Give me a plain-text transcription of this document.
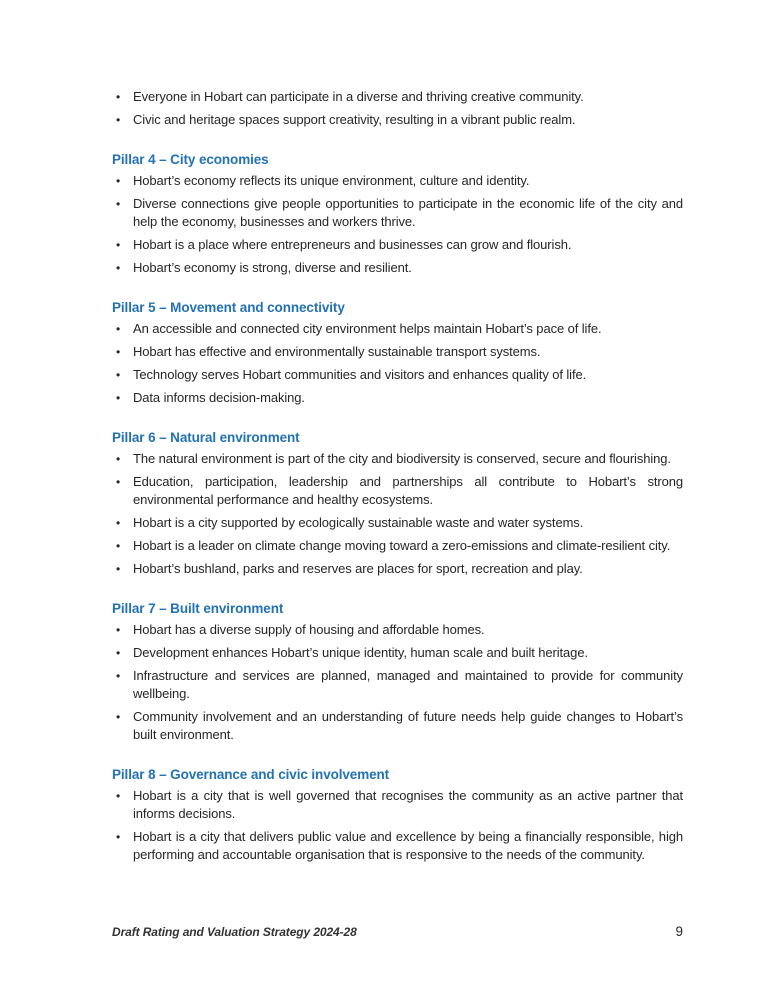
• Everyone in Hobart can participate in a diverse and thriving creative community.
• Civic and heritage spaces support creativity, resulting in a vibrant public realm.
Pillar 4 – City economies
• Hobart’s economy reflects its unique environment, culture and identity.
• Diverse connections give people opportunities to participate in the economic life of the city and help the economy, businesses and workers thrive.
• Hobart is a place where entrepreneurs and businesses can grow and flourish.
• Hobart’s economy is strong, diverse and resilient.
Pillar 5 – Movement and connectivity
• An accessible and connected city environment helps maintain Hobart’s pace of life.
• Hobart has effective and environmentally sustainable transport systems.
• Technology serves Hobart communities and visitors and enhances quality of life.
• Data informs decision-making.
Pillar 6 – Natural environment
• The natural environment is part of the city and biodiversity is conserved, secure and flourishing.
• Education, participation, leadership and partnerships all contribute to Hobart’s strong environmental performance and healthy ecosystems.
• Hobart is a city supported by ecologically sustainable waste and water systems.
• Hobart is a leader on climate change moving toward a zero-emissions and climate-resilient city.
• Hobart’s bushland, parks and reserves are places for sport, recreation and play.
Pillar 7 – Built environment
• Hobart has a diverse supply of housing and affordable homes.
• Development enhances Hobart’s unique identity, human scale and built heritage.
• Infrastructure and services are planned, managed and maintained to provide for community wellbeing.
• Community involvement and an understanding of future needs help guide changes to Hobart’s built environment.
Pillar 8 – Governance and civic involvement
• Hobart is a city that is well governed that recognises the community as an active partner that informs decisions.
• Hobart is a city that delivers public value and excellence by being a financially responsible, high performing and accountable organisation that is responsive to the needs of the community.
Draft Rating and Valuation Strategy 2024-28	9
